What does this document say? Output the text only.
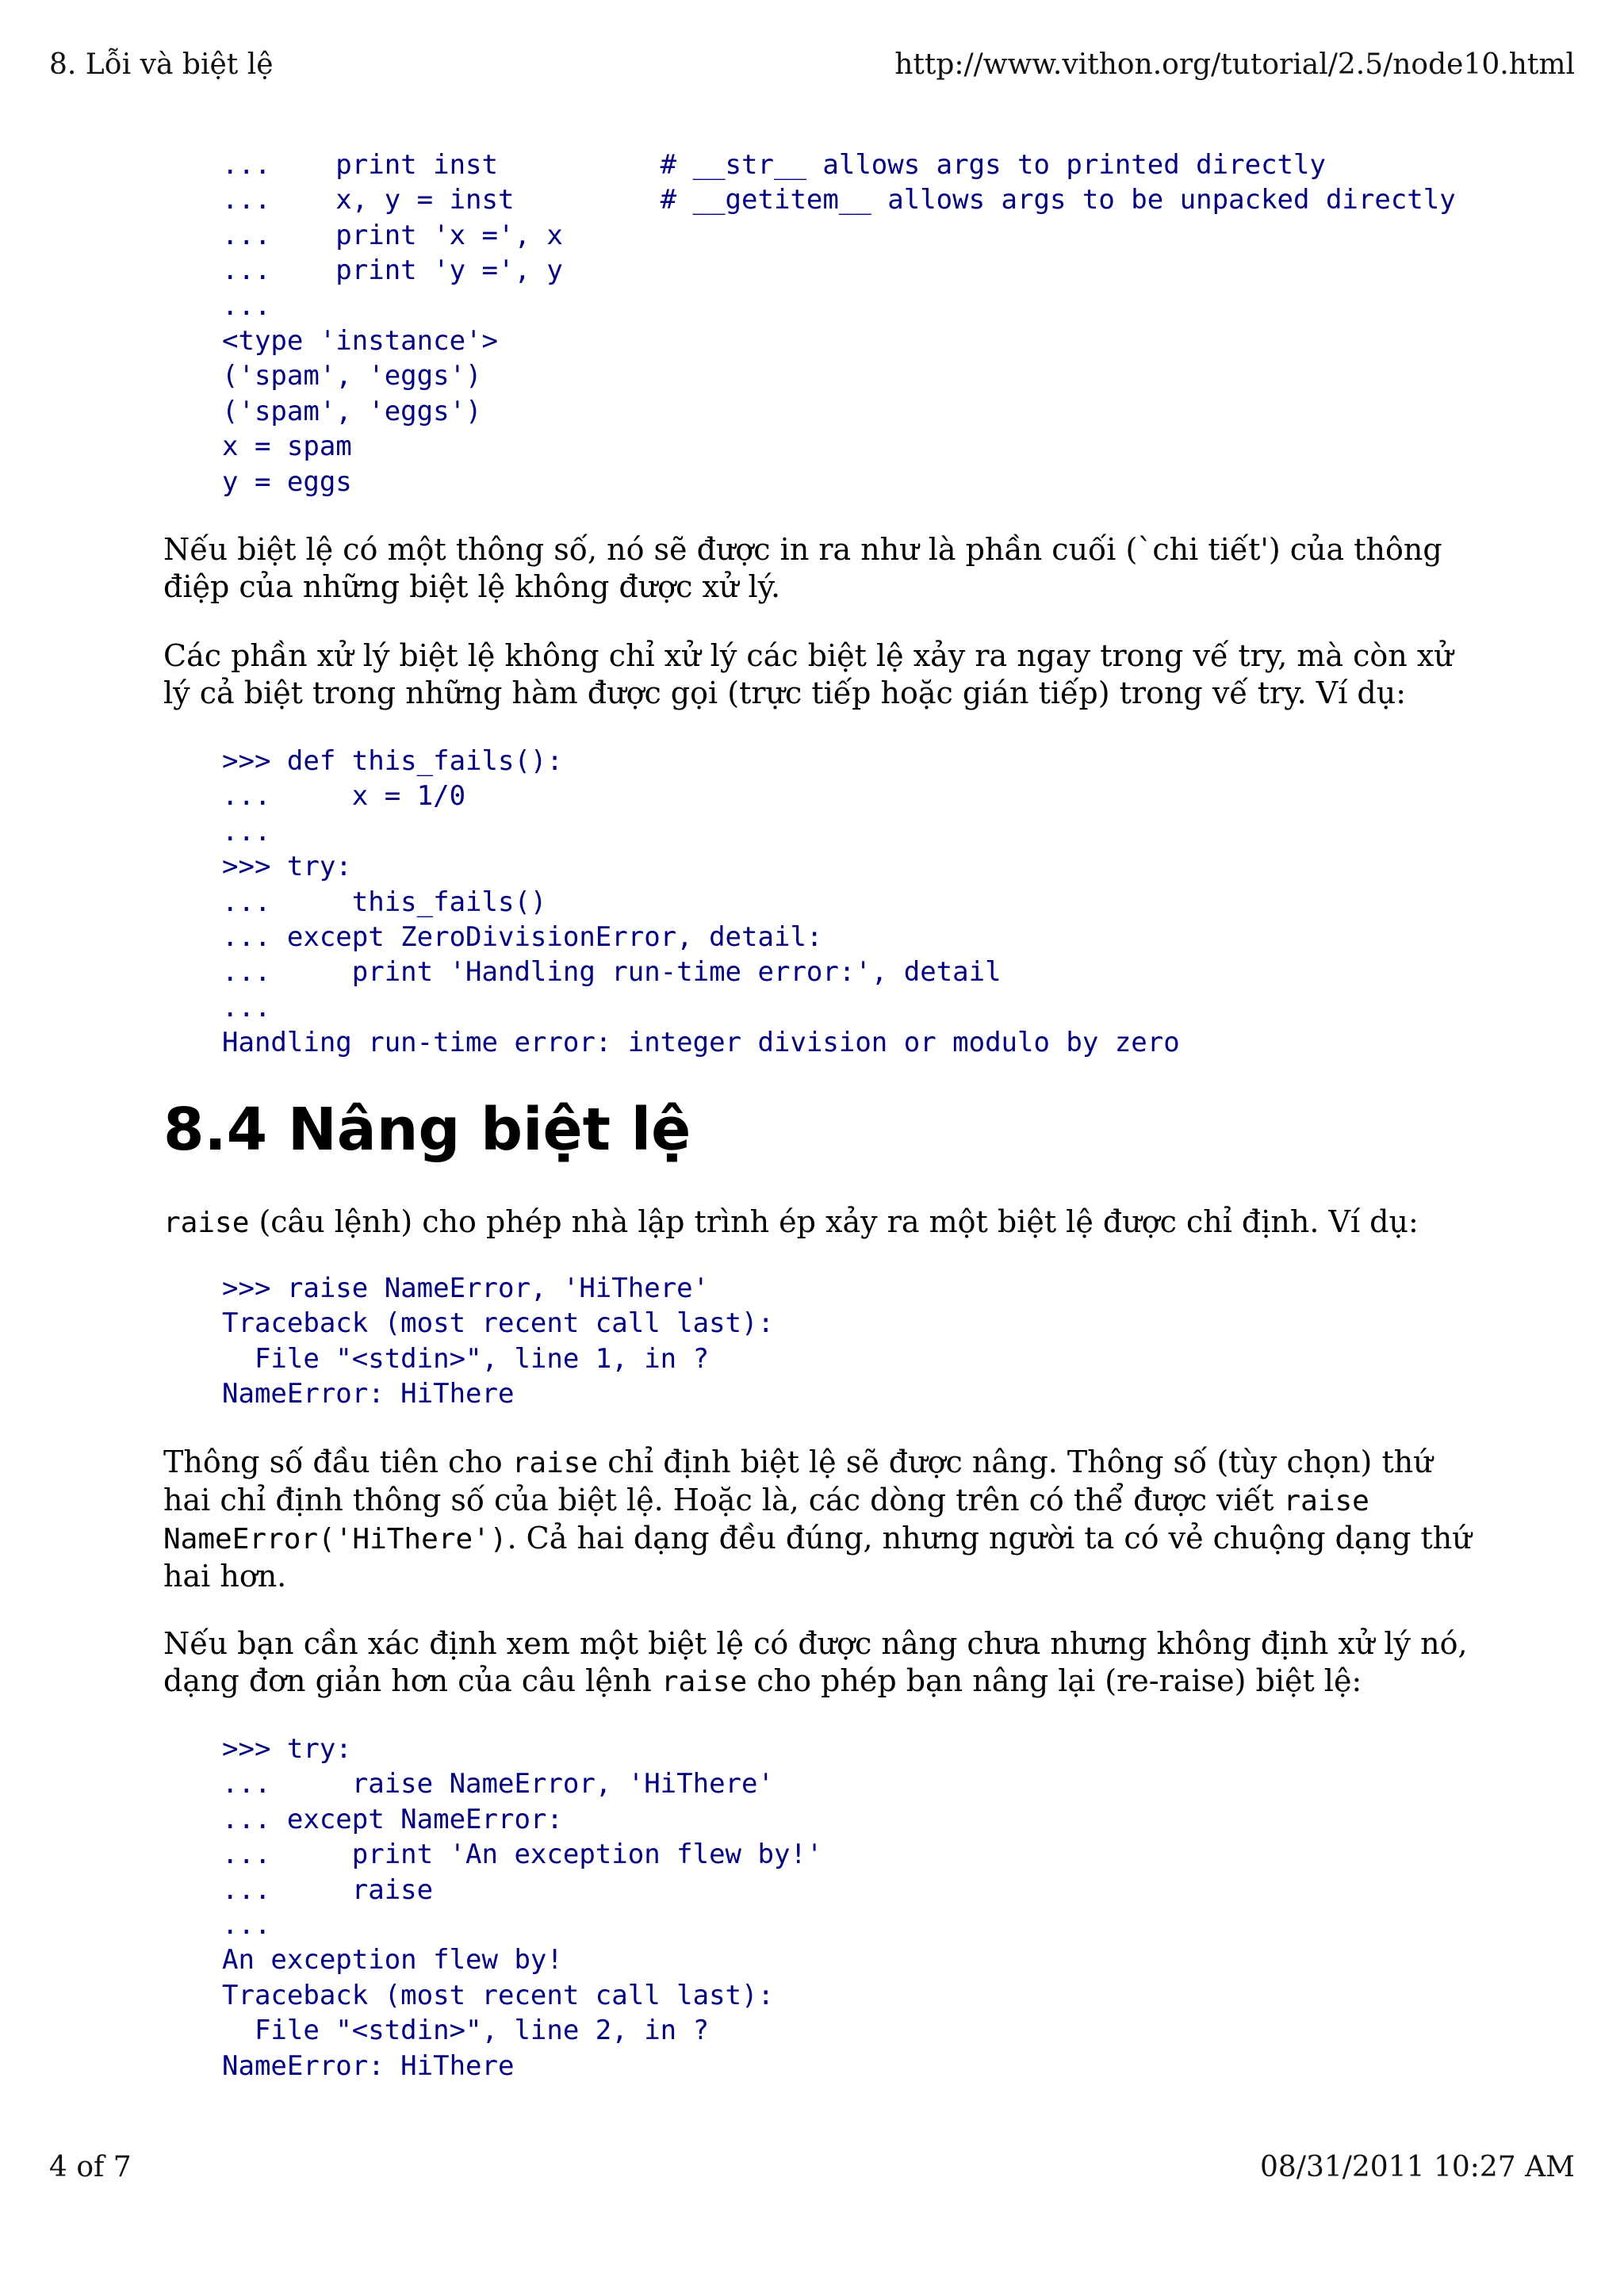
8. Lỗi và biệt lệ	http://www.vithon.org/tutorial/2.5/node10.html
...    print inst          # __str__ allows args to printed directly
...    x, y = inst         # __getitem__ allows args to be unpacked directly
...    print 'x =', x
...    print 'y =', y
...
<type 'instance'>
('spam', 'eggs')
('spam', 'eggs')
x = spam
y = eggs

Nếu biệt lệ có một thông số, nó sẽ được in ra như là phần cuối (`chi tiết') của thông điệp của những biệt lệ không được xử lý.

Các phần xử lý biệt lệ không chỉ xử lý các biệt lệ xảy ra ngay trong vế try, mà còn xử lý cả biệt trong những hàm được gọi (trực tiếp hoặc gián tiếp) trong vế try. Ví dụ:

>>> def this_fails():
...     x = 1/0
...
>>> try:
...     this_fails()
... except ZeroDivisionError, detail:
...     print 'Handling run-time error:', detail
...
Handling run-time error: integer division or modulo by zero
8.4 Nâng biệt lệ

raise (câu lệnh) cho phép nhà lập trình ép xảy ra một biệt lệ được chỉ định. Ví dụ:

>>> raise NameError, 'HiThere'
Traceback (most recent call last):
File "<stdin>", line 1, in ?
NameError: HiThere

Thông số đầu tiên cho raise chỉ định biệt lệ sẽ được nâng. Thông số (tùy chọn) thứ hai chỉ định thông số của biệt lệ. Hoặc là, các dòng trên có thể được viết raise NameError('HiThere'). Cả hai dạng đều đúng, nhưng người ta có vẻ chuộng dạng thứ hai hơn.

Nếu bạn cần xác định xem một biệt lệ có được nâng chưa nhưng không định xử lý nó, dạng đơn giản hơn của câu lệnh raise cho phép bạn nâng lại (re-raise) biệt lệ:

>>> try:
...     raise NameError, 'HiThere'
... except NameError:
...     print 'An exception flew by!'
...     raise
...
An exception flew by!
Traceback (most recent call last):
File "<stdin>", line 2, in ?
NameError: HiThere
4 of 7	08/31/2011 10:27 AM
